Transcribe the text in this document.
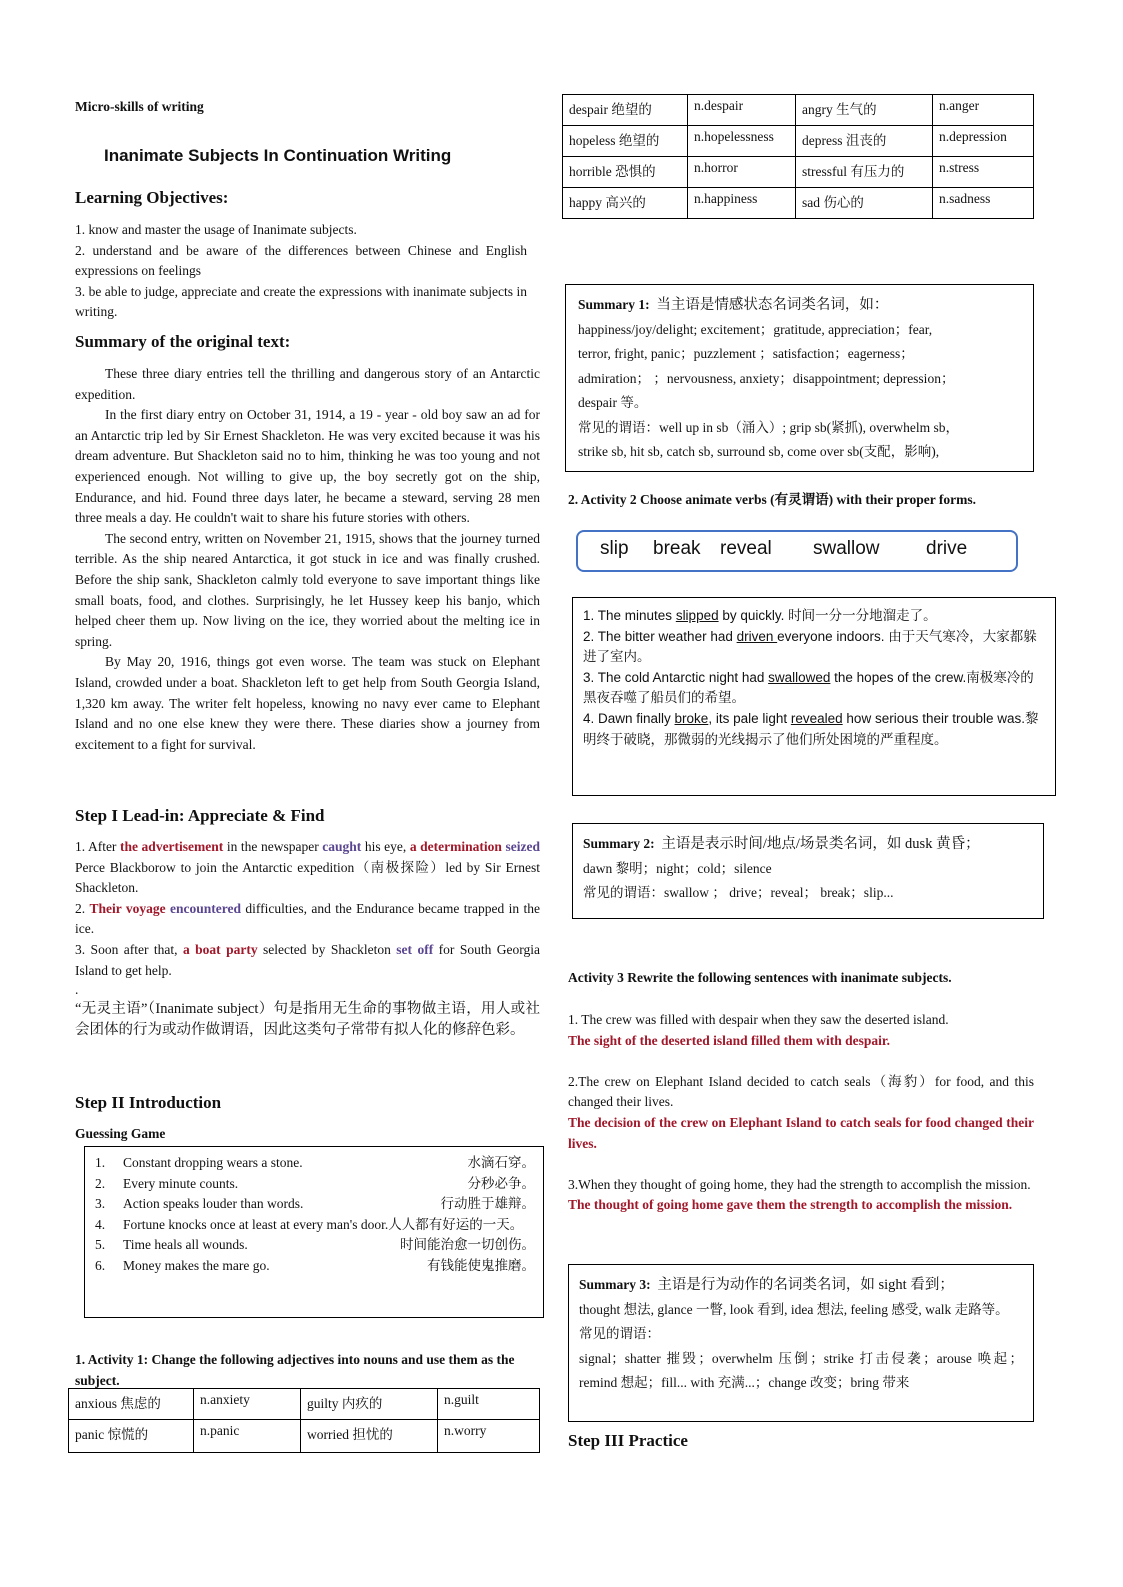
Micro-skills of writing

Inanimate Subjects In Continuation Writing

Learning Objectives:

1. know and master the usage of Inanimate subjects.

2. understand and be aware of the differences between Chinese and English expressions on feelings

3. be able to judge, appreciate and create the expressions with inanimate subjects in writing.

Summary of the original text:

These three diary entries tell the thrilling and dangerous story of an Antarctic expedition.

In the first diary entry on October 31, 1914, a 19 - year - old boy saw an ad for an Antarctic trip led by Sir Ernest Shackleton. He was very excited because it was his dream adventure. But Shackleton said no to him, thinking he was too young and not experienced enough. Not willing to give up, the boy secretly got on the ship, Endurance, and hid. Found three days later, he became a steward, serving 28 men three meals a day. He couldn't wait to share his future stories with others.

The second entry, written on November 21, 1915, shows that the journey turned terrible. As the ship neared Antarctica, it got stuck in ice and was finally crushed. Before the ship sank, Shackleton calmly told everyone to save important things like small boats, food, and clothes. Surprisingly, he let Hussey keep his banjo, which helped cheer them up. Now living on the ice, they worried about the melting ice in spring.

By May 20, 1916, things got even worse. The team was stuck on Elephant Island, crowded under a boat. Shackleton left to get help from South Georgia Island, 1,320 km away. The writer felt hopeless, knowing no navy ever came to Elephant Island and no one else knew they were there. These diaries show a journey from excitement to a fight for survival.

Step I Lead-in: Appreciate & Find

1. After the advertisement in the newspaper caught his eye, a determination seized Perce Blackborow to join the Antarctic expedition（南极探险）led by Sir Ernest Shackleton.

2. Their voyage encountered difficulties, and the Endurance became trapped in the ice.

3. Soon after that, a boat party selected by Shackleton set off for South Georgia Island to get help.

.

“无灵主语”（Inanimate subject）句是指用无生命的事物做主语，用人或社会团体的行为或动作做谓语，因此这类句子常带有拟人化的修辞色彩。

Step II Introduction

Guessing Game

1.	Constant dropping wears a stone.	水滴石穿。
2.	Every minute counts.	分秒必争。
3.	Action speaks louder than words.	行动胜于雄辩。
4. Fortune knocks once at least at every man's door.人人都有好运的一天。
5.	Time heals all wounds.	时间能治愈一切创伤。
6.	Money makes the mare go.	有钱能使鬼推磨。

1. Activity 1: Change the following adjectives into nouns and use them as the subject.

anxious 焦虑的	n.anxiety	guilty 内疚的	n.guilt
panic 惊慌的	n.panic	worried 担忧的	n.worry
despair 绝望的	n.despair	angry 生气的	n.anger
hopeless 绝望的	n.hopelessness	depress 沮丧的	n.depression
horrible 恐惧的	n.horror	stressful 有压力的	n.stress
happy 高兴的	n.happiness	sad 伤心的	n.sadness

Summary 1: 当主语是情感状态名词类名词，如：

happiness/joy/delight; excitement；gratitude, appreciation；fear,

terror, fright, panic；puzzlement ；satisfaction；eagerness；

admiration； ；nervousness, anxiety；disappointment; depression；

despair 等。

常见的谓语：well up in sb（涌入）; grip sb(紧抓), overwhelm sb，

strike sb, hit sb, catch sb, surround sb, come over sb(支配，影响),

2. Activity 2 Choose animate verbs (有灵谓语) with their proper forms.

slip break reveal swallow drive

1. The minutes slipped by quickly. 时间一分一分地溜走了。

2. The bitter weather had driven everyone indoors. 由于天气寒冷，大家都躲进了室内。

3. The cold Antarctic night had swallowed the hopes of the crew.南极寒冷的黑夜吞噬了船员们的希望。

4. Dawn finally broke, its pale light revealed how serious their trouble was.黎明终于破晓，那微弱的光线揭示了他们所处困境的严重程度。

Summary 2: 主语是表示时间/地点/场景类名词，如 dusk 黄昏；

dawn 黎明；night；cold；silence

常见的谓语：swallow ； drive；reveal； break；slip...

Activity 3 Rewrite the following sentences with inanimate subjects.

1. The crew was filled with despair when they saw the deserted island.

The sight of the deserted island filled them with despair.

2.The crew on Elephant Island decided to catch seals（海豹）for food, and this changed their lives.

The decision of the crew on Elephant Island to catch seals for food changed their lives.

3.When they thought of going home, they had the strength to accomplish the mission.

The thought of going home gave them the strength to accomplish the mission.

Summary 3: 主语是行为动作的名词类名词，如 sight 看到；

thought 想法, glance 一瞥, look 看到, idea 想法, feeling 感受, walk 走路等。

常见的谓语：

signal；shatter 摧毁；overwhelm 压倒；strike 打击侵袭；arouse 唤起；remind 想起；fill... with 充满...；change 改变；bring 带来

Step III Practice
